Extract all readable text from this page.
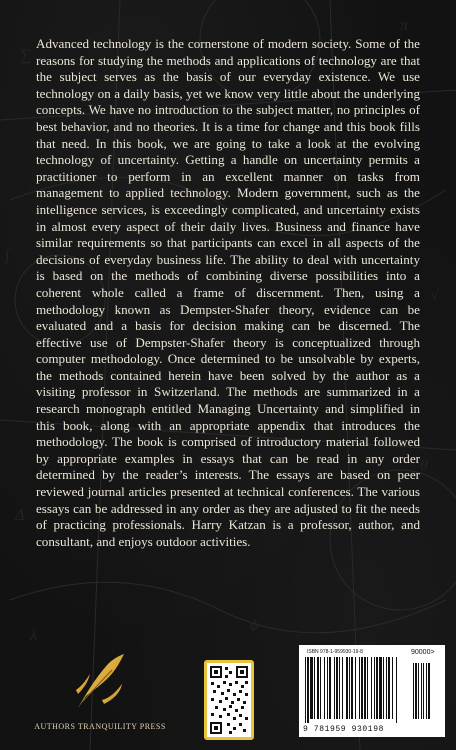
∑
π
∫
√
Δ
θ
λ
ϕ

Advanced technology is the cornerstone of modern society. Some of the reasons for studying the methods and applications of technology are that the subject serves as the basis of our everyday existence. We use technology on a daily basis, yet we know very little about the underlying concepts. We have no introduction to the subject matter, no principles of best behavior, and no theories. It is a time for change and this book fills that need. In this book, we are going to take a look at the evolving technology of uncertainty. Getting a handle on uncertainty permits a practitioner to perform in an excellent manner on tasks from management to applied technology. Modern government, such as the intelligence services, is exceedingly complicated, and uncertainty exists in almost every aspect of their daily lives. Business and finance have similar requirements so that participants can excel in all aspects of the decisions of everyday business life. The ability to deal with uncertainty is based on the methods of combining diverse possibilities into a coherent whole called a frame of discernment. Then, using a methodology known as Dempster-Shafer theory, evidence can be evaluated and a basis for decision making can be discerned. The effective use of Dempster-Shafer theory is conceptualized through computer methodology. Once determined to be unsolvable by experts, the methods contained herein have been solved by the author as a visiting professor in Switzerland. The methods are summarized in a research monograph entitled Managing Uncertainty and simplified in this book, along with an appropriate appendix that introduces the methodology. The book is comprised of introductory material followed by appropriate examples in essays that can be read in any order determined by the reader’s interests. The essays are based on peer reviewed journal articles presented at technical conferences. The various essays can be addressed in any order as they are adjusted to fit the needs of practicing professionals. Harry Katzan is a professor, author, and consultant, and enjoys outdoor activities.

AUTHORS TRANQUILITY PRESS
ISBN 978-1-959930-19-8	90000>
9 781959 930198
